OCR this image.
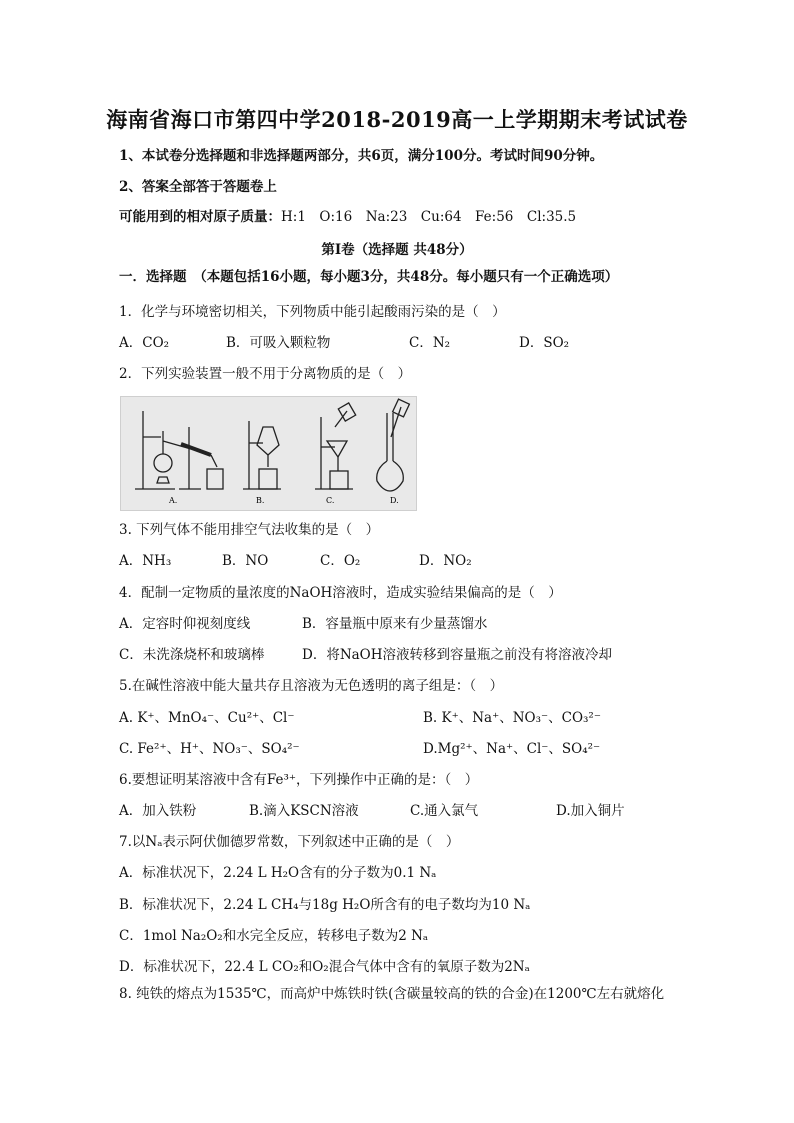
海南省海口市第四中学2018-2019高一上学期期末考试试卷
1、本试卷分选择题和非选择题两部分，共6页，满分100分。考试时间90分钟。
2、答案全部答于答题卷上
可能用到的相对原子质量：H:1　O:16　Na:23　Cu:64　Fe:56　Cl:35.5
第Ⅰ卷（选择题 共48分）
一．选择题　（本题包括16小题，每小题3分，共48分。每小题只有一个正确选项）
1．化学与环境密切相关，下列物质中能引起酸雨污染的是（　）
A．CO₂	B．可吸入颗粒物	C．N₂	D．SO₂
2．下列实验装置一般不用于分离物质的是（　）
A.	B.	C.	D.
3. 下列气体不能用排空气法收集的是（　）
A．NH₃	B．NO	C．O₂	D．NO₂
4．配制一定物质的量浓度的NaOH溶液时，造成实验结果偏高的是（　）
A．定容时仰视刻度线	B．容量瓶中原来有少量蒸馏水
C．未洗涤烧杯和玻璃棒	D．将NaOH溶液转移到容量瓶之前没有将溶液冷却
5.在碱性溶液中能大量共存且溶液为无色透明的离子组是：（　）
A. K⁺、MnO₄⁻、Cu²⁺、Cl⁻	B. K⁺、Na⁺、NO₃⁻、CO₃²⁻
C. Fe²⁺、H⁺、NO₃⁻、SO₄²⁻	D.Mg²⁺、Na⁺、Cl⁻、SO₄²⁻
6.要想证明某溶液中含有Fe³⁺，下列操作中正确的是：（　）
A．加入铁粉	B.滴入KSCN溶液	C.通入氯气	D.加入铜片
7.以Nₐ表示阿伏伽德罗常数，下列叙述中正确的是（　）
A．标准状况下，2.24 L H₂O含有的分子数为0.1 Nₐ
B．标准状况下，2.24 L CH₄与18g H₂O所含有的电子数均为10 Nₐ
C．1mol Na₂O₂和水完全反应，转移电子数为2 Nₐ
D．标准状况下，22.4 L CO₂和O₂混合气体中含有的氧原子数为2Nₐ
8. 纯铁的熔点为1535℃，而高炉中炼铁时铁(含碳量较高的铁的合金)在1200℃左右就熔化
